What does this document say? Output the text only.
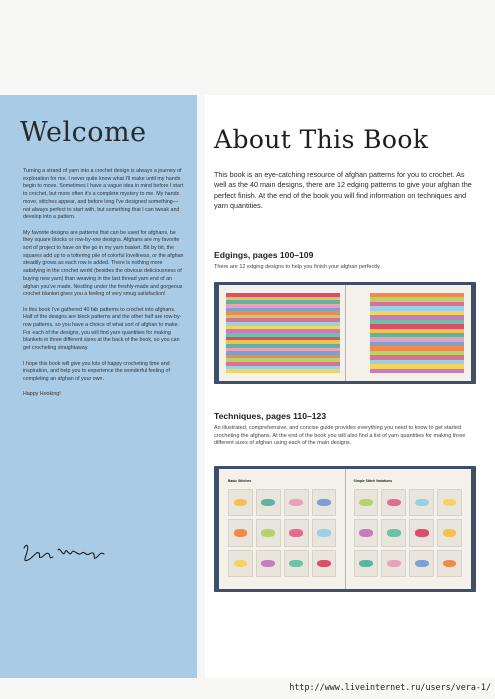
Welcome

Turning a strand of yarn into a crochet design is always a journey of exploration for me. I never quite know what I'll make until my hands begin to move. Sometimes I have a vague idea in mind before I start to crochet, but more often it's a complete mystery to me. My hands move, stitches appear, and before long I've designed something—not always perfect to start with, but something that I can tweak and develop into a pattern.

My favorite designs are patterns that can be used for afghans, be they square blocks or row-by-row designs. Afghans are my favorite sort of project to have on the go in my yarn basket. Bit by bit, the squares add up to a tottering pile of colorful loveliness, or the afghan steadily grows as each row is added. There is nothing more satisfying in the crochet world (besides the obvious deliciousness of buying new yarn) than weaving in the last thread yarn end of an afghan you've made. Nestling under the freshly-made and gorgeous crochet blanket gives you a feeling of very smug satisfaction!

In this book I've gathered 40 fab patterns to crochet into afghans. Half of the designs are block patterns and the other half are row-by-row patterns, so you have a choice of what sort of afghan to make. For each of the designs, you will find yarn quantities for making blankets in three different sizes at the back of the book, so you can get crocheting straightaway.

I hope this book will give you lots of happy crocheting time and inspiration, and help you to experience the wonderful feeling of completing an afghan of your own.

Happy Hooking!

About This Book
This book is an eye-catching resource of afghan patterns for you to crochet. As well as the 40 main designs, there are 12 edging patterns to give your afghan the perfect finish. At the end of the book you will find information on techniques and yarn quantities.
Edgings, pages 100–109
There are 12 edging designs to help you finish your afghan perfectly.
Techniques, pages 110–123
An illustrated, comprehensive, and concise guide provides everything you need to know to get started crocheting the afghans. At the end of the book you will also find a list of yarn quantities for making three different sizes of afghan using each of the main designs.
Basic Stitches	Simple Stitch Variations
http://www.liveinternet.ru/users/vera-1/
